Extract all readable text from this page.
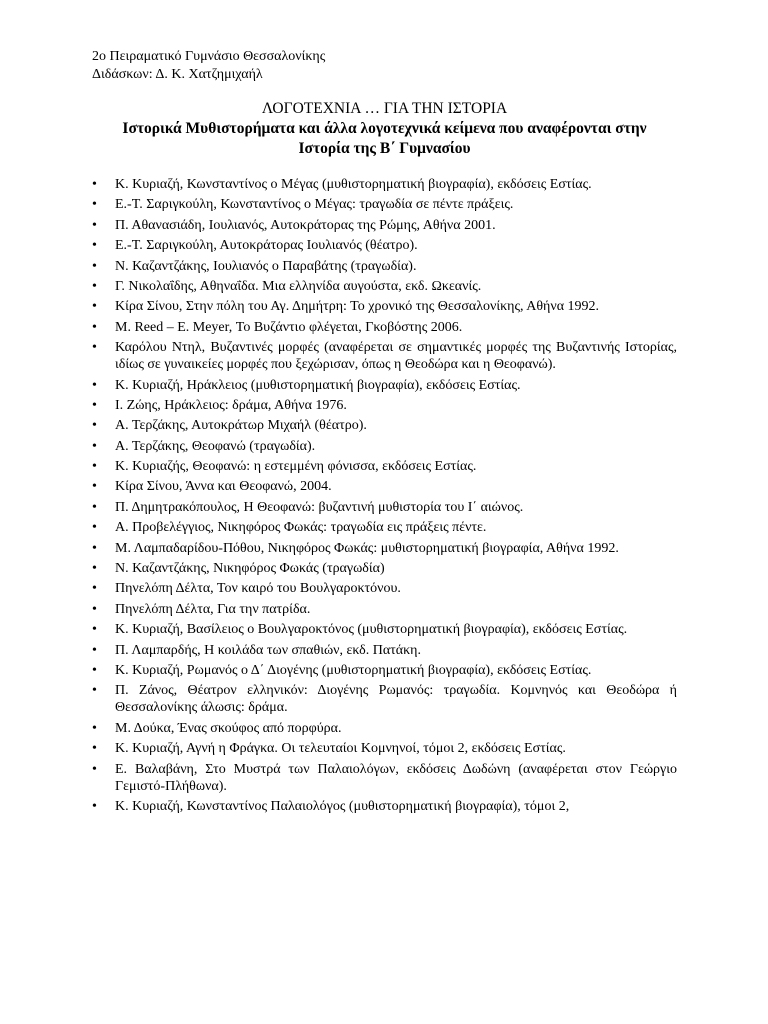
2ο Πειραματικό Γυμνάσιο Θεσσαλονίκης
Διδάσκων: Δ. Κ. Χατζημιχαήλ
ΛΟΓΟΤΕΧΝΙΑ … ΓΙΑ ΤΗΝ ΙΣΤΟΡΙΑ
Ιστορικά Μυθιστορήματα και άλλα λογοτεχνικά κείμενα που αναφέρονται στην
Ιστορία της Β΄ Γυμνασίου
•	Κ. Κυριαζή, Κωνσταντίνος ο Μέγας (μυθιστορηματική βιογραφία), εκδόσεις Εστίας.
•	Ε.-Τ. Σαριγκούλη, Κωνσταντίνος ο Μέγας: τραγωδία σε πέντε πράξεις.
•	Π. Αθανασιάδη, Ιουλιανός, Αυτοκράτορας της Ρώμης, Αθήνα 2001.
•	Ε.-Τ. Σαριγκούλη, Αυτοκράτορας Ιουλιανός (θέατρο).
•	Ν. Καζαντζάκης, Ιουλιανός ο Παραβάτης (τραγωδία).
•	Γ. Νικολαΐδης, Αθηναΐδα. Μια ελληνίδα αυγούστα, εκδ. Ωκεανίς.
•	Κίρα Σίνου, Στην πόλη του Αγ. Δημήτρη: Το χρονικό της Θεσσαλονίκης, Αθήνα 1992.
•	M. Reed – E. Meyer, Το Βυζάντιο φλέγεται, Γκοβόστης 2006.
•	Καρόλου Ντηλ, Βυζαντινές μορφές (αναφέρεται σε σημαντικές μορφές της Βυζαντινής Ιστορίας, ιδίως σε γυναικείες μορφές που ξεχώρισαν, όπως η Θεοδώρα και η Θεοφανώ).
•	Κ. Κυριαζή, Ηράκλειος (μυθιστορηματική βιογραφία), εκδόσεις Εστίας.
•	Ι. Ζώης, Ηράκλειος: δράμα, Αθήνα 1976.
•	Α. Τερζάκης, Αυτοκράτωρ Μιχαήλ (θέατρο).
•	Α. Τερζάκης, Θεοφανώ (τραγωδία).
•	Κ. Κυριαζής, Θεοφανώ: η εστεμμένη φόνισσα, εκδόσεις Εστίας.
•	Κίρα Σίνου, Άννα και Θεοφανώ, 2004.
•	Π. Δημητρακόπουλος, Η Θεοφανώ: βυζαντινή μυθιστορία του Ι΄ αιώνος.
•	Α. Προβελέγγιος, Νικηφόρος Φωκάς: τραγωδία εις πράξεις πέντε.
•	Μ. Λαμπαδαρίδου-Πόθου, Νικηφόρος Φωκάς: μυθιστορηματική βιογραφία, Αθήνα 1992.
•	Ν. Καζαντζάκης, Νικηφόρος Φωκάς (τραγωδία)
•	Πηνελόπη Δέλτα, Τον καιρό του Βουλγαροκτόνου.
•	Πηνελόπη Δέλτα, Για την πατρίδα.
•	Κ. Κυριαζή, Βασίλειος ο Βουλγαροκτόνος (μυθιστορηματική βιογραφία), εκδόσεις Εστίας.
•	Π. Λαμπαρδής, Η κοιλάδα των σπαθιών, εκδ. Πατάκη.
•	Κ. Κυριαζή, Ρωμανός ο Δ΄ Διογένης (μυθιστορηματική βιογραφία), εκδόσεις Εστίας.
•	Π. Ζάνος, Θέατρον ελληνικόν: Διογένης Ρωμανός: τραγωδία. Κομνηνός και Θεοδώρα ή Θεσσαλονίκης άλωσις: δράμα.
•	Μ. Δούκα, Ένας σκούφος από πορφύρα.
•	Κ. Κυριαζή, Αγνή η Φράγκα. Οι τελευταίοι Κομνηνοί, τόμοι 2, εκδόσεις Εστίας.
•	Ε. Βαλαβάνη, Στο Μυστρά των Παλαιολόγων, εκδόσεις Δωδώνη (αναφέρεται στον Γεώργιο Γεμιστό-Πλήθωνα).
•	Κ. Κυριαζή, Κωνσταντίνος Παλαιολόγος (μυθιστορηματική βιογραφία), τόμοι 2,
